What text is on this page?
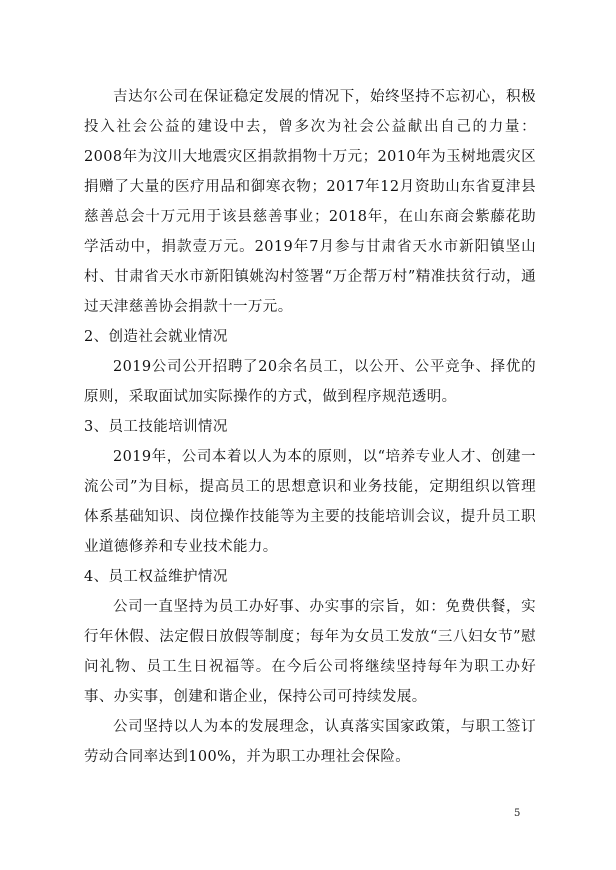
吉达尔公司在保证稳定发展的情况下，始终坚持不忘初心，积极投入社会公益的建设中去，曾多次为社会公益献出自己的力量：2008年为汶川大地震灾区捐款捐物十万元；2010年为玉树地震灾区捐赠了大量的医疗用品和御寒衣物；2017年12月资助山东省夏津县慈善总会十万元用于该县慈善事业；2018年，在山东商会紫藤花助学活动中，捐款壹万元。2019年7月参与甘肃省天水市新阳镇坚山村、甘肃省天水市新阳镇姚沟村签署“万企帮万村”精准扶贫行动，通过天津慈善协会捐款十一万元。

2、创造社会就业情况

2019公司公开招聘了20余名员工，以公开、公平竞争、择优的原则，采取面试加实际操作的方式，做到程序规范透明。

3、员工技能培训情况

2019年，公司本着以人为本的原则，以“培养专业人才、创建一流公司”为目标，提高员工的思想意识和业务技能，定期组织以管理体系基础知识、岗位操作技能等为主要的技能培训会议，提升员工职业道德修养和专业技术能力。

4、员工权益维护情况

公司一直坚持为员工办好事、办实事的宗旨，如：免费供餐，实行年休假、法定假日放假等制度；每年为女员工发放“三八妇女节”慰问礼物、员工生日祝福等。在今后公司将继续坚持每年为职工办好事、办实事，创建和谐企业，保持公司可持续发展。

公司坚持以人为本的发展理念，认真落实国家政策，与职工签订劳动合同率达到100%，并为职工办理社会保险。

5
